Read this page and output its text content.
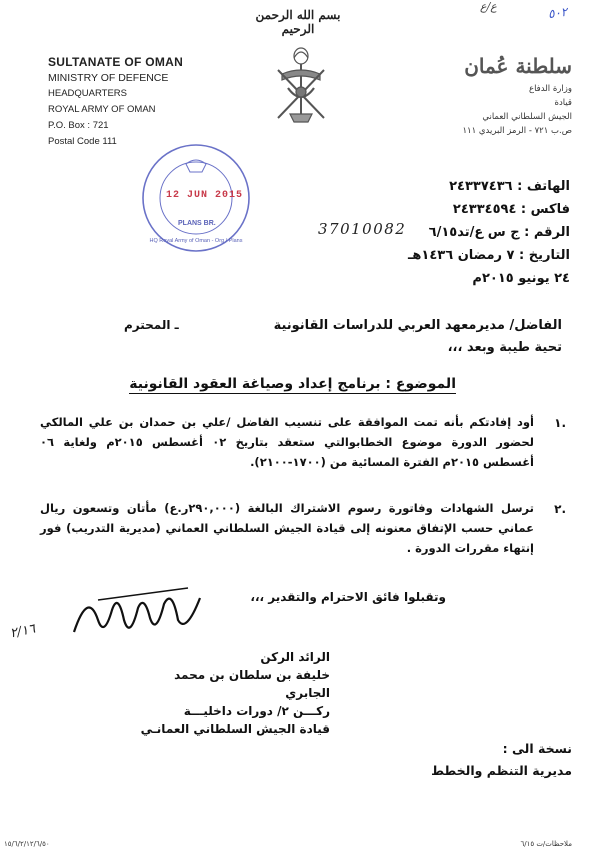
ع/ع	٥٠٢
بسم الله الرحمن الرحيم
SULTANATE OF OMAN
MINISTRY OF DEFENCE
HEADQUARTERS
ROYAL ARMY OF OMAN
P.O. Box : 721
Postal Code 111
سلطنة عُمان
وزارة الدفاع
قيادة
الجيش السلطاني العماني
ص.ب ٧٢١ - الرمز البريدي ١١١
12 JUN 2015
PLANS BR.
HQ Royal Army of Oman - Org / Plans
الهاتف : ٢٤٣٣٧٤٣٦
فاكس : ٢٤٣٣٤٥٩٤
الرقم : ج س ع/تد٦/١٥
التاريخ : ٧ رمضان ١٤٣٦هـ
٢٤ يونيو ٢٠١٥م
37010082
الفاضل/ مديرمعهد العربي للدراسات القانونية
ـ المحترم
تحية طيبة وبعد ،،،
الموضوع : برنامج إعداد وصياغة العقود القانونية
.١
أود إفادتكم بأنه تمت الموافقة على تنسيب الفاضل /علي بن حمدان بن علي المالكي لحضور الدورة موضوع الخطابوالتي ستعقد بتاريخ ٠٢ أغسطس ٢٠١٥م ولغاية ٠٦ أغسطس ٢٠١٥م الفترة المسائية من (١٧٠٠-٢١٠٠).
.٢
ترسل الشهادات وفاتورة رسوم الاشتراك البالغة (٢٩٠,٠٠٠ر.ع) مأتان وتسعون ريال عماني حسب الإتفاق معنونه إلى قيادة الجيش السلطاني العماني (مديرية التدريب) فور إنتهاء مقررات الدورة .
وتقبلوا فائق الاحترام والتقدير ،،،
٢/١٦
الرائد الركن
خليفة بن سلطان بن محمد الجابري
ركـــن ٢/ دورات داخليـــة
قيادة الجيش السلطاني العمانـي
نسخة الى :
مديرية التنظم والخطط
١٥/٦/٢/١٢/٦/٥٠	ملاحظات/ت ٦/١٥
